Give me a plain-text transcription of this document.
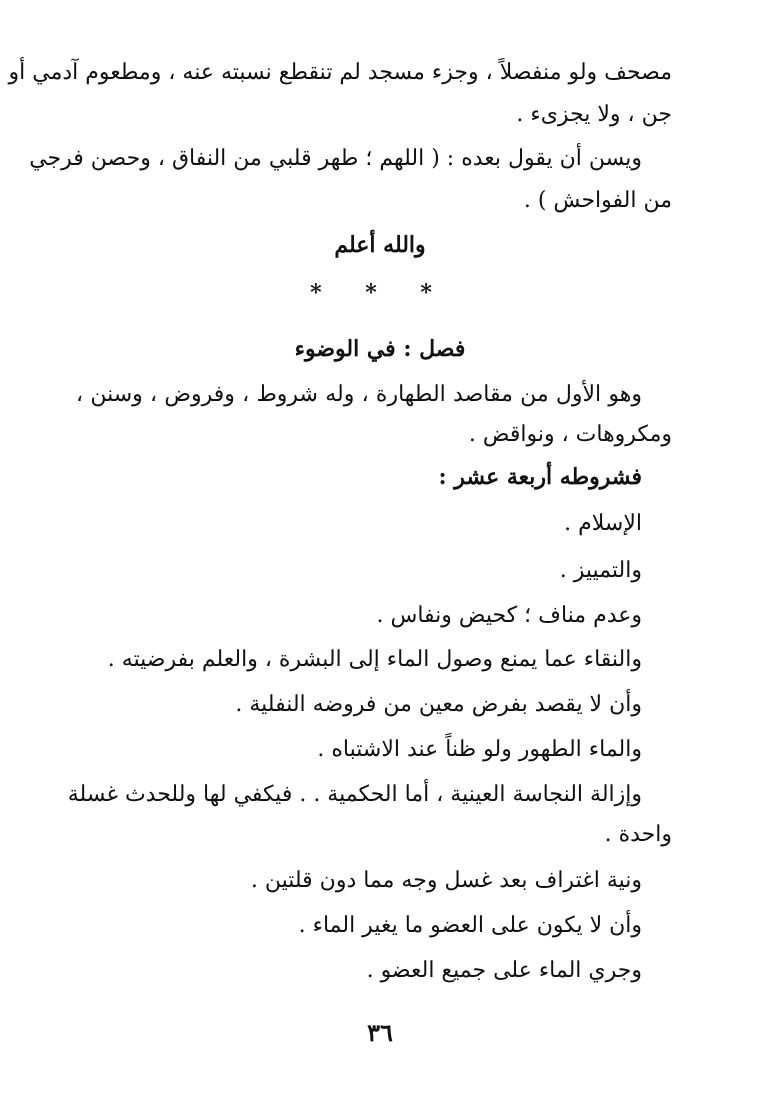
مصحف ولو منفصلاً ، وجزء مسجد لم تنقطع نسبته عنه ، ومطعوم آدمي أو
جن ، ولا يجزىء .
ويسن أن يقول بعده : ( اللهم ؛ طهر قلبي من النفاق ، وحصن فرجي
من الفواحش ) .
والله أعلم
* * *
فصل : في الوضوء
وهو الأول من مقاصد الطهارة ، وله شروط ، وفروض ، وسنن ،
ومكروهات ، ونواقض .
فشروطه أربعة عشر :
الإسلام .
والتمييز .
وعدم مناف ؛ كحيض ونفاس .
والنقاء عما يمنع وصول الماء إلى البشرة ، والعلم بفرضيته .
وأن لا يقصد بفرض معين من فروضه النفلية .
والماء الطهور ولو ظناً عند الاشتباه .
وإزالة النجاسة العينية ، أما الحكمية . . فيكفي لها وللحدث غسلة
واحدة .
ونية اغتراف بعد غسل وجه مما دون قلتين .
وأن لا يكون على العضو ما يغير الماء .
وجري الماء على جميع العضو .
٣٦
